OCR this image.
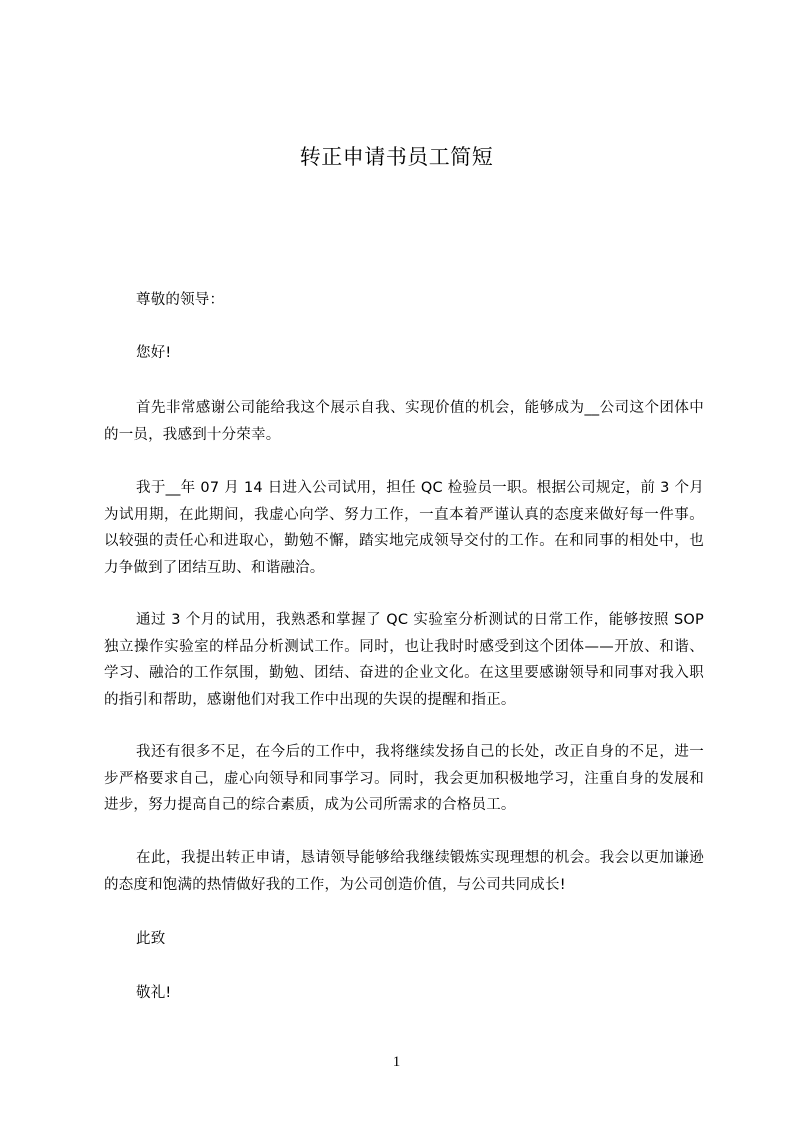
转正申请书员工简短

尊敬的领导：

您好!

首先非常感谢公司能给我这个展示自我、实现价值的机会，能够成为__公司这个团体中的一员，我感到十分荣幸。

我于__年 07 月 14 日进入公司试用，担任 QC 检验员一职。根据公司规定，前 3 个月为试用期，在此期间，我虚心向学、努力工作，一直本着严谨认真的态度来做好每一件事。以较强的责任心和进取心，勤勉不懈，踏实地完成领导交付的工作。在和同事的相处中，也力争做到了团结互助、和谐融洽。

通过 3 个月的试用，我熟悉和掌握了 QC 实验室分析测试的日常工作，能够按照 SOP 独立操作实验室的样品分析测试工作。同时，也让我时时感受到这个团体——开放、和谐、学习、融洽的工作氛围，勤勉、团结、奋进的企业文化。在这里要感谢领导和同事对我入职的指引和帮助，感谢他们对我工作中出现的失误的提醒和指正。

我还有很多不足，在今后的工作中，我将继续发扬自己的长处，改正自身的不足，进一步严格要求自己，虚心向领导和同事学习。同时，我会更加积极地学习，注重自身的发展和进步，努力提高自己的综合素质，成为公司所需求的合格员工。

在此，我提出转正申请，恳请领导能够给我继续锻炼实现理想的机会。我会以更加谦逊的态度和饱满的热情做好我的工作，为公司创造价值，与公司共同成长!

此致

敬礼!

1
